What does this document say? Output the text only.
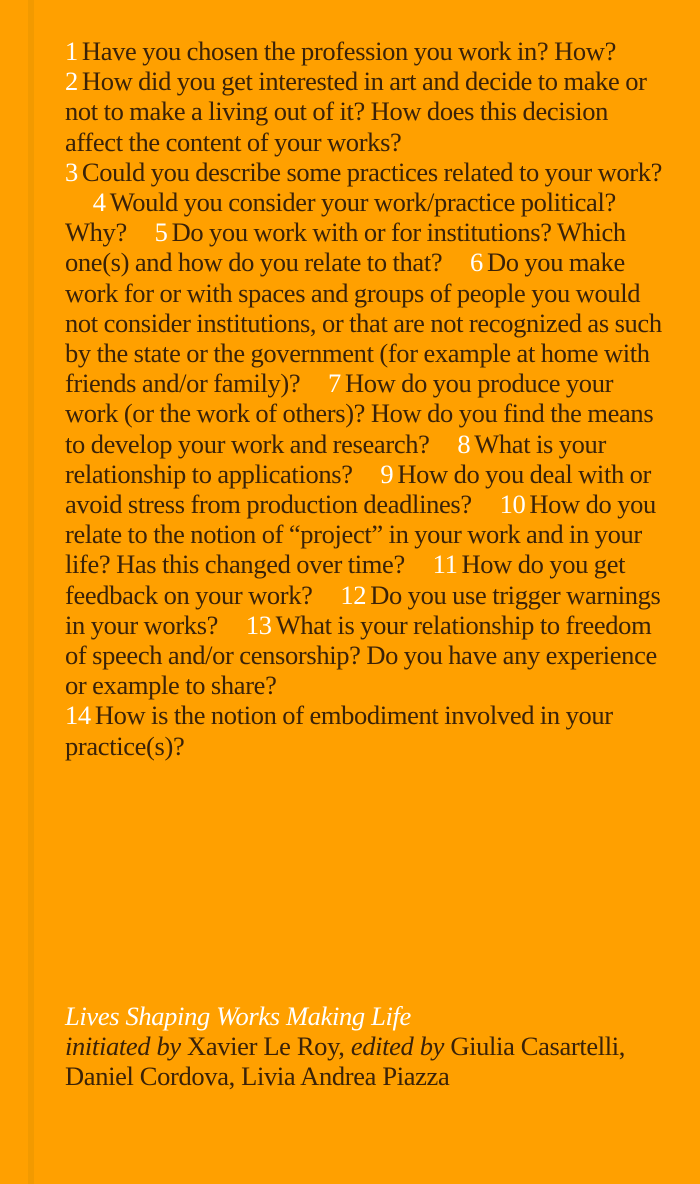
1 Have you chosen the profession you work in? How?
2 How did you get interested in art and decide to make or not to make a living out of it? How does this decision affect the content of your works?
3 Could you describe some practices related to your work? 4 Would you consider your work/practice political? Why? 5 Do you work with or for institutions? Which one(s) and how do you relate to that? 6 Do you make work for or with spaces and groups of people you would not consider institutions, or that are not recognized as such by the state or the government (for example at home with friends and/or family)? 7 How do you produce your work (or the work of others)? How do you find the means to develop your work and research? 8 What is your relationship to applications? 9 How do you deal with or avoid stress from production deadlines? 10 How do you relate to the notion of “project” in your work and in your life? Has this changed over time? 11 How do you get feedback on your work? 12 Do you use trigger warnings in your works? 13 What is your relationship to freedom of speech and/or censorship? Do you have any experience or example to share?
14 How is the notion of embodiment involved in your practice(s)?
Lives Shaping Works Making Life
initiated by Xavier Le Roy, edited by Giulia Casartelli, Daniel Cordova, Livia Andrea Piazza
